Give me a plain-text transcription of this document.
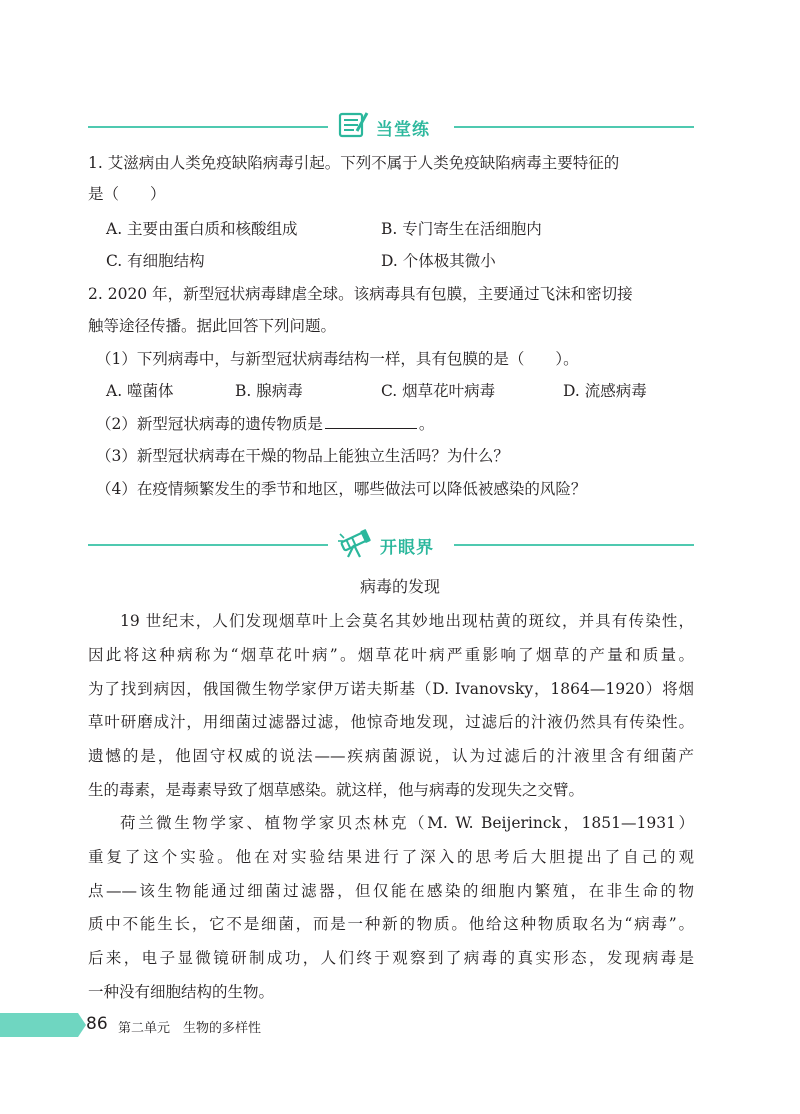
当堂练
1. 艾滋病由人类免疫缺陷病毒引起。下列不属于人类免疫缺陷病毒主要特征的
是（　　）
A. 主要由蛋白质和核酸组成	B. 专门寄生在活细胞内
C. 有细胞结构	D. 个体极其微小
2. 2020 年，新型冠状病毒肆虐全球。该病毒具有包膜，主要通过飞沫和密切接
触等途径传播。据此回答下列问题。
（1）下列病毒中，与新型冠状病毒结构一样，具有包膜的是（　　）。
A. 噬菌体	B. 腺病毒	C. 烟草花叶病毒	D. 流感病毒
（2）新型冠状病毒的遗传物质是	。
（3）新型冠状病毒在干燥的物品上能独立生活吗？为什么？
（4）在疫情频繁发生的季节和地区，哪些做法可以降低被感染的风险？
开眼界
病毒的发现
19 世纪末，人们发现烟草叶上会莫名其妙地出现枯黄的斑纹，并具有传染性，
因此将这种病称为“烟草花叶病”。烟草花叶病严重影响了烟草的产量和质量。
为了找到病因，俄国微生物学家伊万诺夫斯基（D. Ivanovsky，1864—1920）将烟
草叶研磨成汁，用细菌过滤器过滤，他惊奇地发现，过滤后的汁液仍然具有传染性。
遗憾的是，他固守权威的说法——疾病菌源说，认为过滤后的汁液里含有细菌产
生的毒素，是毒素导致了烟草感染。就这样，他与病毒的发现失之交臂。
荷兰微生物学家、植物学家贝杰林克（M. W. Beijerinck，1851—1931）
重复了这个实验。他在对实验结果进行了深入的思考后大胆提出了自己的观
点——该生物能通过细菌过滤器，但仅能在感染的细胞内繁殖，在非生命的物
质中不能生长，它不是细菌，而是一种新的物质。他给这种物质取名为“病毒”。
后来，电子显微镜研制成功，人们终于观察到了病毒的真实形态，发现病毒是
一种没有细胞结构的生物。
86 第二单元　生物的多样性
